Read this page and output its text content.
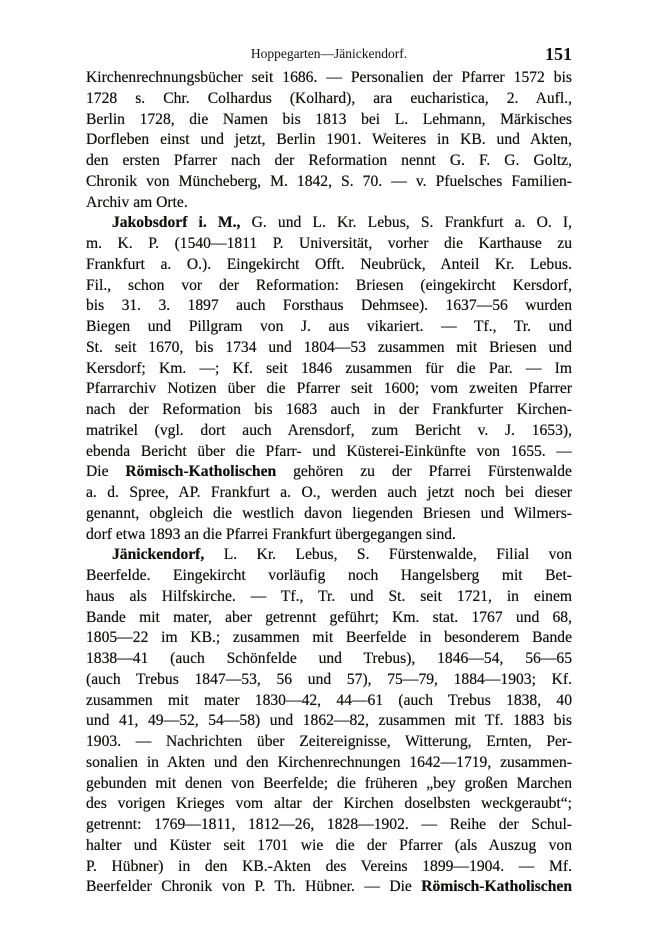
Hoppegarten—Jänickendorf.	151
Kirchenrechnungsbücher seit 1686. — Personalien der Pfarrer 1572 bis
1728 s. Chr. Colhardus (Kolhard), ara eucharistica, 2. Aufl.,
Berlin 1728, die Namen bis 1813 bei L. Lehmann, Märkisches
Dorfleben einst und jetzt, Berlin 1901. Weiteres in KB. und Akten,
den ersten Pfarrer nach der Reformation nennt G. F. G. Goltz,
Chronik von Müncheberg, M. 1842, S. 70. — v. Pfuelsches Familien-
Archiv am Orte.
Jakobsdorf i. M., G. und L. Kr. Lebus, S. Frankfurt a. O. I,
m. K. P. (1540—1811 P. Universität, vorher die Karthause zu
Frankfurt a. O.). Eingekircht Offt. Neubrück, Anteil Kr. Lebus.
Fil., schon vor der Reformation: Briesen (eingekircht Kersdorf,
bis 31. 3. 1897 auch Forsthaus Dehmsee). 1637—56 wurden
Biegen und Pillgram von J. aus vikariert. — Tf., Tr. und
St. seit 1670, bis 1734 und 1804—53 zusammen mit Briesen und
Kersdorf; Km. —; Kf. seit 1846 zusammen für die Par. — Im
Pfarrarchiv Notizen über die Pfarrer seit 1600; vom zweiten Pfarrer
nach der Reformation bis 1683 auch in der Frankfurter Kirchen-
matrikel (vgl. dort auch Arensdorf, zum Bericht v. J. 1653),
ebenda Bericht über die Pfarr- und Küsterei-Einkünfte von 1655. —
Die Römisch-Katholischen gehören zu der Pfarrei Fürstenwalde
a. d. Spree, AP. Frankfurt a. O., werden auch jetzt noch bei dieser
genannt, obgleich die westlich davon liegenden Briesen und Wilmers-
dorf etwa 1893 an die Pfarrei Frankfurt übergegangen sind.
Jänickendorf, L. Kr. Lebus, S. Fürstenwalde, Filial von
Beerfelde. Eingekircht vorläufig noch Hangelsberg mit Bet-
haus als Hilfskirche. — Tf., Tr. und St. seit 1721, in einem
Bande mit mater, aber getrennt geführt; Km. stat. 1767 und 68,
1805—22 im KB.; zusammen mit Beerfelde in besonderem Bande
1838—41 (auch Schönfelde und Trebus), 1846—54, 56—65
(auch Trebus 1847—53, 56 und 57), 75—79, 1884—1903; Kf.
zusammen mit mater 1830—42, 44—61 (auch Trebus 1838, 40
und 41, 49—52, 54—58) und 1862—82, zusammen mit Tf. 1883 bis
1903. — Nachrichten über Zeitereignisse, Witterung, Ernten, Per-
sonalien in Akten und den Kirchenrechnungen 1642—1719, zusammen-
gebunden mit denen von Beerfelde; die früheren „bey großen Marchen
des vorigen Krieges vom altar der Kirchen doselbsten weckgeraubt“;
getrennt: 1769—1811, 1812—26, 1828—1902. — Reihe der Schul-
halter und Küster seit 1701 wie die der Pfarrer (als Auszug von
P. Hübner) in den KB.-Akten des Vereins 1899—1904. — Mf.
Beerfelder Chronik von P. Th. Hübner. — Die Römisch-Katholischen
